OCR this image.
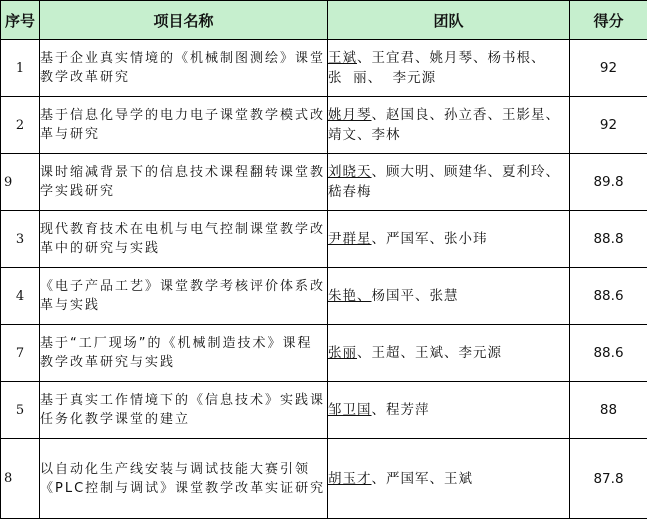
序号	项目名称	团队	得分
1	基于企业真实情境的《机械制图测绘》课堂教学改革研究	王斌、王宜君、姚月琴、杨书根、  张  丽、  李元源	92
2	基于信息化导学的电力电子课堂教学模式改革与研究	姚月琴、赵国良、孙立香、王影星、靖文、李林	92
9	课时缩减背景下的信息技术课程翻转课堂教学实践研究	刘晓天、顾大明、顾建华、夏利玲、嵇春梅	89.8
3	现代教育技术在电机与电气控制课堂教学改革中的研究与实践	尹群星、严国军、张小玮	88.8
4	《电子产品工艺》课堂教学考核评价体系改革与实践	朱艳、杨国平、张慧	88.6
7	基于“工厂现场”的《机械制造技术》课程教学改革研究与实践	张丽、王超、王斌、李元源	88.6
5	基于真实工作情境下的《信息技术》实践课任务化教学课堂的建立	邹卫国、程芳萍	88
8	以自动化生产线安装与调试技能大赛引领《PLC控制与调试》课堂教学改革实证研究	胡玉才、严国军、王斌	87.8
